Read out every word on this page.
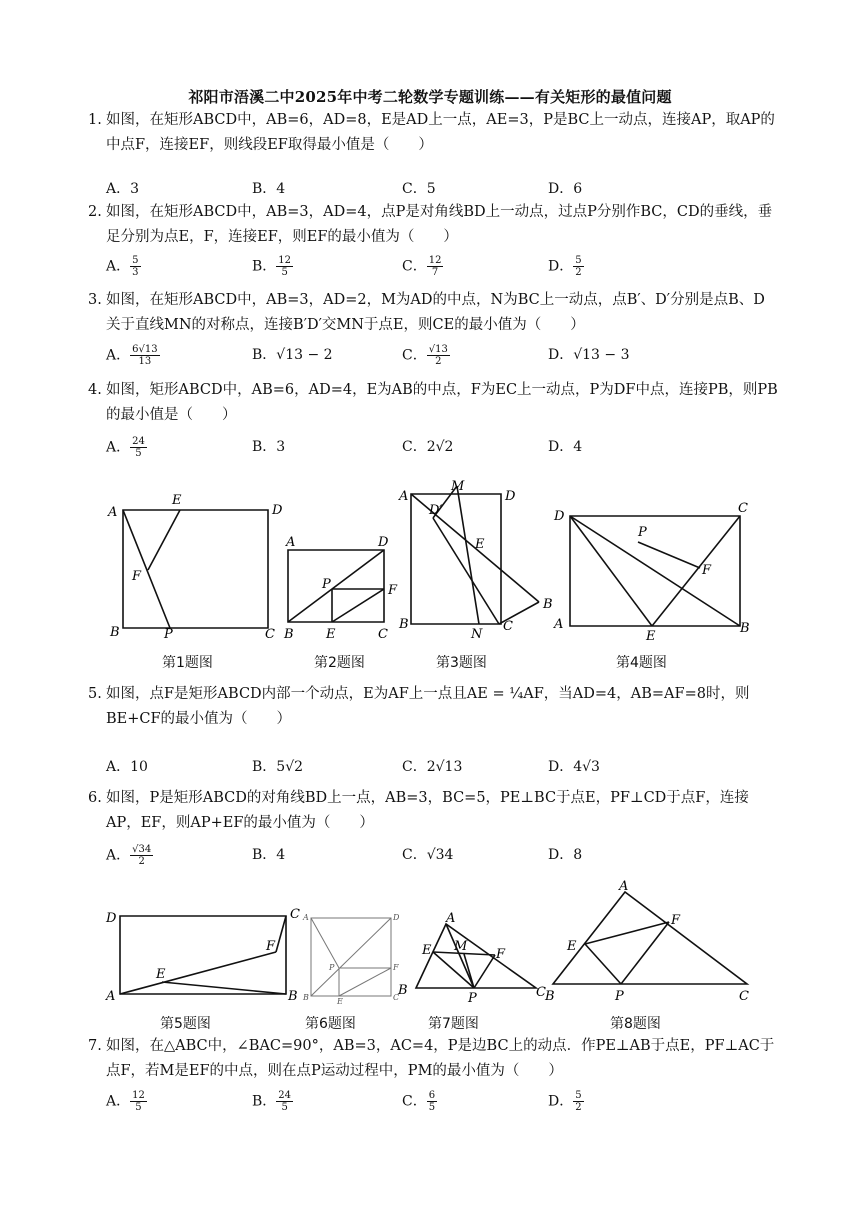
祁阳市浯溪二中2025年中考二轮数学专题训练——有关矩形的最值问题
1. 如图，在矩形ABCD中，AB=6，AD=8，E是AD上一点，AE=3，P是BC上一动点，连接AP，取AP的中点F，连接EF，则线段EF取得最小值是（　　）
A．3	B．4	C．5	D．6
2. 如图，在矩形ABCD中，AB=3，AD=4，点P是对角线BD上一动点，过点P分别作BC，CD的垂线，垂足分别为点E，F，连接EF，则EF的最小值为（　　）
A． $\frac{5}{3}$	B． $\frac{12}{5}$	C． $\frac{12}{7}$	D． $\frac{5}{2}$
3. 如图，在矩形ABCD中，AB=3，AD=2，M为AD的中点，N为BC上一动点，点B′、D′分别是点B、D关于直线MN的对称点，连接B′D′交MN于点E，则CE的最小值为（　　）
A． $\frac{6√13}{13}$	B．√13 − 2	C． $\frac{√13}{2}$	D．√13 − 3
4. 如图，矩形ABCD中，AB=6，AD=4，E为AB的中点，F为EC上一动点，P为DF中点，连接PB，则PB的最小值是（　　）
A． $\frac{24}{5}$	B．3	C．2√2	D．4
A
E
D
F
B	P	C
A	D
P	F
B E	C
A
M
D
D′
E
B
B
N
C
D
C
P
F
A
E
B
第1题图	第2题图	第3题图	第4题图
5. 如图，点F是矩形ABCD内部一个动点，E为AF上一点且AE = ¼AF，当AD=4，AB=AF=8时，则BE+CF的最小值为（　　）
A．10	B．5√2	C．2√13	D．4√3
6. 如图，P是矩形ABCD的对角线BD上一点，AB=3，BC=5，PE⊥BC于点E，PF⊥CD于点F，连接AP，EF，则AP+EF的最小值为（　　）
A． $\frac{√34}{2}$	B．4	C．√34	D．8
D	C
F
E
A	B
A	D
P	F
B	E	C
A
E M
F
B
P	C
A
F
E
B	P	C
第5题图	第6题图	第7题图	第8题图
7. 如图，在△ABC中，∠BAC=90°，AB=3，AC=4，P是边BC上的动点．作PE⊥AB于点E，PF⊥AC于点F，若M是EF的中点，则在点P运动过程中，PM的最小值为（　　）
A． $\frac{12}{5}$	B． $\frac{24}{5}$	C． $\frac{6}{5}$	D． $\frac{5}{2}$
